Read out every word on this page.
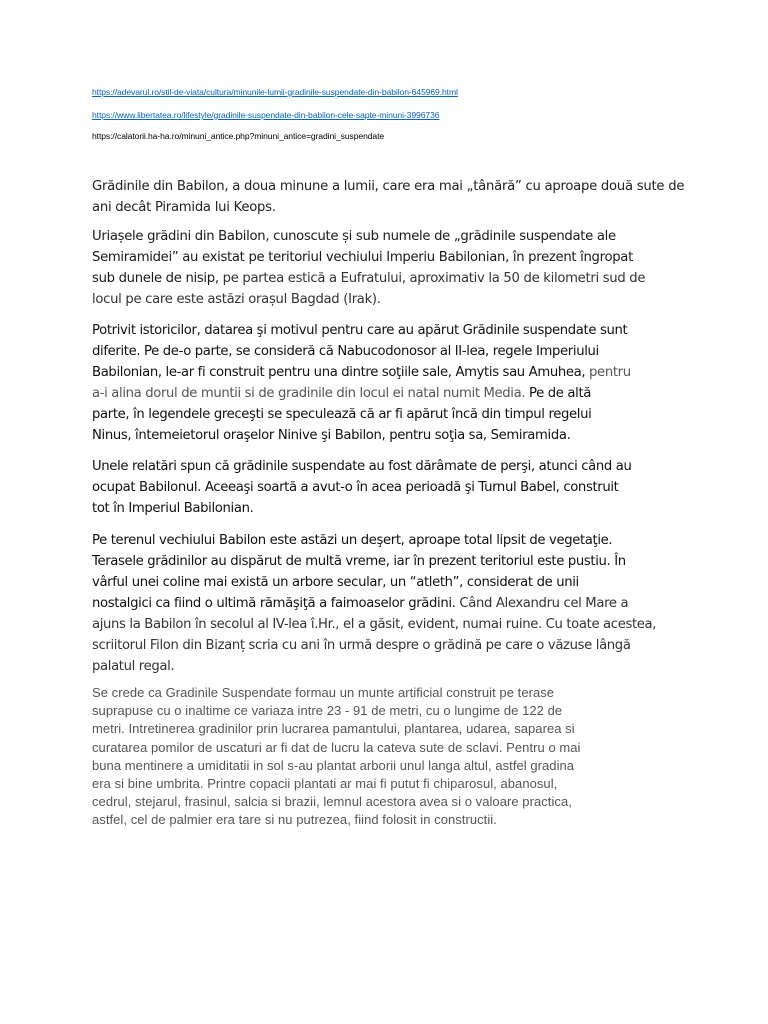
https://adevarul.ro/stil-de-viata/cultura/minunile-lumii-gradinile-suspendate-din-babilon-645969.html
https://www.libertatea.ro/lifestyle/gradinile-suspendate-din-babilon-cele-sapte-minuni-3996736
https://calatorii.ha-ha.ro/minuni_antice.php?minuni_antice=gradini_suspendate
Grădinile din Babilon, a doua minune a lumii, care era mai „tânără” cu aproape două sute de
ani decât Piramida lui Keops.
Uriașele grădini din Babilon, cunoscute și sub numele de „grădinile suspendate ale
Semiramidei” au existat pe teritoriul vechiului Imperiu Babilonian, în prezent îngropat
sub dunele de nisip, pe partea estică a Eufratului, aproximativ la 50 de kilometri sud de
locul pe care este astăzi orașul Bagdad (Irak).
Potrivit istoricilor, datarea şi motivul pentru care au apărut Grădinile suspendate sunt
diferite. Pe de-o parte, se consideră că Nabucodonosor al II-lea, regele Imperiului
Babilonian, le-ar fi construit pentru una dintre soţiile sale, Amytis sau Amuhea, pentru
a-i alina dorul de muntii si de gradinile din locul ei natal numit Media. Pe de altă
parte, în legendele greceşti se speculează că ar fi apărut încă din timpul regelui
Ninus, întemeietorul oraşelor Ninive şi Babilon, pentru soţia sa, Semiramida.
Unele relatări spun că grădinile suspendate au fost dărâmate de perşi, atunci când au
ocupat Babilonul. Aceeaşi soartă a avut-o în acea perioadă şi Turnul Babel, construit
tot în Imperiul Babilonian.
Pe terenul vechiului Babilon este astăzi un deşert, aproape total lipsit de vegetaţie.
Terasele grădinilor au dispărut de multă vreme, iar în prezent teritoriul este pustiu. În
vârful unei coline mai există un arbore secular, un “atleth”, considerat de unii
nostalgici ca fiind o ultimă rămăşiţă a faimoaselor grădini. Când Alexandru cel Mare a
ajuns la Babilon în secolul al IV-lea î.Hr., el a găsit, evident, numai ruine. Cu toate acestea,
scriitorul Filon din Bizanț scria cu ani în urmă despre o grădină pe care o văzuse lângă
palatul regal.
Se crede ca Gradinile Suspendate formau un munte artificial construit pe terase
suprapuse cu o inaltime ce variaza intre 23 - 91 de metri, cu o lungime de 122 de
metri. Intretinerea gradinilor prin lucrarea pamantului, plantarea, udarea, saparea si
curatarea pomilor de uscaturi ar fi dat de lucru la cateva sute de sclavi. Pentru o mai
buna mentinere a umiditatii in sol s-au plantat arborii unul langa altul, astfel gradina
era si bine umbrita. Printre copacii plantati ar mai fi putut fi chiparosul, abanosul,
cedrul, stejarul, frasinul, salcia si brazii, lemnul acestora avea si o valoare practica,
astfel, cel de palmier era tare si nu putrezea, fiind folosit in constructii.
